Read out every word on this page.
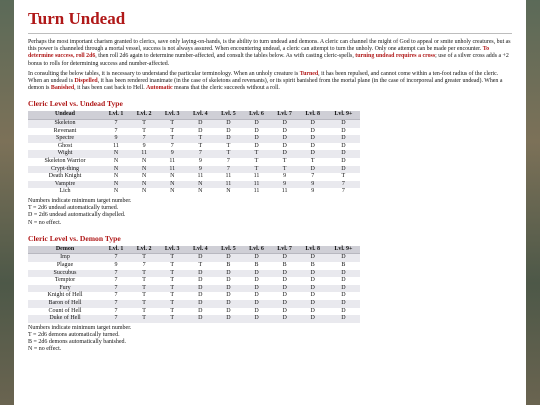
Turn Undead

Perhaps the most important charism granted to clerics, save only laying-on-hands, is the ability to turn undead and demons. A cleric can channel the might of God to appeal or smite unholy creatures, but as this power is channeled through a mortal vessel, success is not always assured. When encountering undead, a cleric can attempt to turn the unholy. Only one attempt can be made per encounter. To determine success, roll 2d6, then roll 2d6 again to determine number-affected, and consult the tables below. As with casting cleric-spells, turning undead requires a cross; use of a silver cross adds a +2 bonus to rolls for determining success and number-affected.

In consulting the below tables, it is necessary to understand the particular terminology. When an unholy creature is Turned, it has been repulsed, and cannot come within a ten-foot radius of the cleric. When an undead is Dispelled, it has been rendered inanimate (in the case of skeletons and revenants), or its spirit banished from the mortal plane (in the case of incorporeal and greater undead). When a demon is Banished, it has been cast back to Hell. Automatic means that the cleric succeeds without a roll.

Cleric Level vs. Undead Type
Undead	Lvl. 1	Lvl. 2	Lvl. 3	Lvl. 4	Lvl. 5	Lvl. 6	Lvl. 7	Lvl. 8	Lvl. 9+
Skeleton	7	T	T	D	D	D	D	D	D
Revenant	7	T	T	D	D	D	D	D	D
Spectre	9	7	T	T	D	D	D	D	D
Ghost	11	9	7	T	T	D	D	D	D
Wight	N	11	9	7	T	T	D	D	D
Skeleton Warrior	N	N	11	9	7	T	T	T	D
Crypt-thing	N	N	11	9	7	T	T	D	D
Death Knight	N	N	N	11	11	11	9	7	T
Vampire	N	N	N	N	11	11	9	9	7
Lich	N	N	N	N	N	11	11	9	7
Numbers indicate minimum target number.
T = 2d6 undead automatically turned.
D = 2d6 undead automatically dispelled.
N = no effect.
Cleric Level vs. Demon Type
Demon	Lvl. 1	Lvl. 2	Lvl. 3	Lvl. 4	Lvl. 5	Lvl. 6	Lvl. 7	Lvl. 8	Lvl. 9+
Imp	7	T	T	D	D	D	D	D	D
Plague	9	7	T	T	B	B	B	B	B
Succubus	7	T	T	D	D	D	D	D	D
Temptor	7	T	T	D	D	D	D	D	D
Fury	7	T	T	D	D	D	D	D	D
Knight of Hell	7	T	T	D	D	D	D	D	D
Baron of Hell	7	T	T	D	D	D	D	D	D
Count of Hell	7	T	T	D	D	D	D	D	D
Duke of Hell	7	T	T	D	D	D	D	D	D
Numbers indicate minimum target number.
T = 2d6 demons automatically turned.
B = 2d6 demons automatically banished.
N = no effect.
